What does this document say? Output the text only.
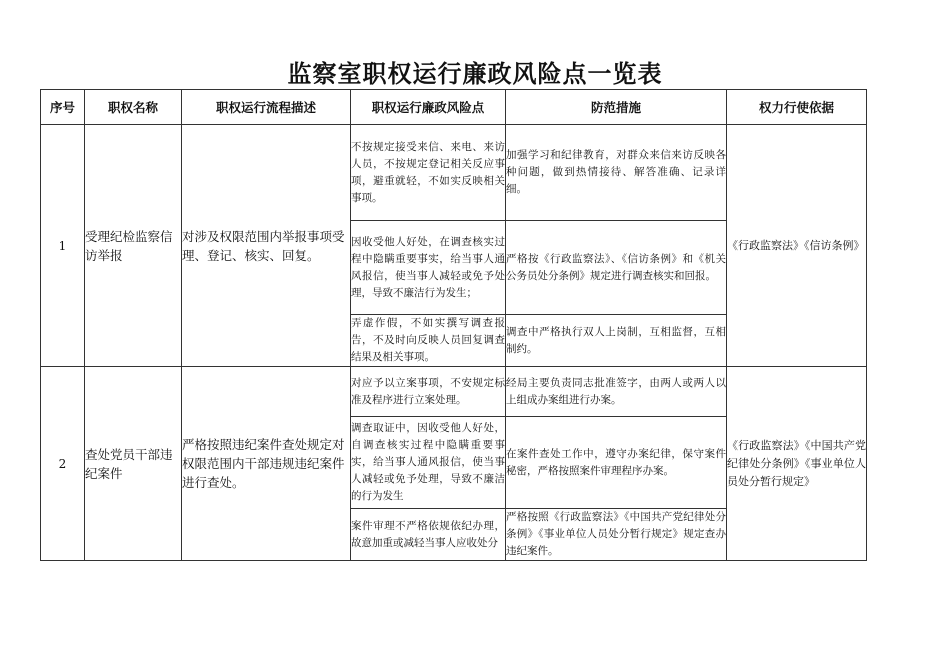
监察室职权运行廉政风险点一览表
序号	职权名称	职权运行流程描述	职权运行廉政风险点	防范措施	权力行使依据
1	受理纪检监察信访举报	对涉及权限范围内举报事项受理、登记、核实、回复。	不按规定接受来信、来电、来访人员，不按规定登记相关反应事项，避重就轻，不如实反映相关事项。	加强学习和纪律教育，对群众来信来访反映各种问题，做到热情接待、解答准确、记录详细。	《行政监察法》《信访条例》
			因收受他人好处，在调查核实过程中隐瞒重要事实，给当事人通风报信，使当事人减轻或免予处理，导致不廉洁行为发生；	严格按《行政监察法》、《信访条例》和《机关公务员处分条例》规定进行调查核实和回报。	
			弄虚作假，不如实撰写调查报告，不及时向反映人员回复调查结果及相关事项。	调查中严格执行双人上岗制，互相监督，互相制约。	
2	查处党员干部违纪案件	严格按照违纪案件查处规定对权限范围内干部违规违纪案件进行查处。	对应予以立案事项，不安规定标准及程序进行立案处理。	经局主要负责同志批准签字，由两人或两人以上组成办案组进行办案。	《行政监察法》《中国共产党纪律处分条例》《事业单位人员处分暂行规定》
			调查取证中，因收受他人好处，自调查核实过程中隐瞒重要事实，给当事人通风报信，使当事人减轻或免予处理，导致不廉洁的行为发生	在案件查处工作中，遵守办案纪律，保守案件秘密，严格按照案件审理程序办案。	
			案件审理不严格依规依纪办理，故意加重或减轻当事人应收处分	严格按照《行政监察法》《中国共产党纪律处分条例》《事业单位人员处分暂行规定》规定查办违纪案件。	
